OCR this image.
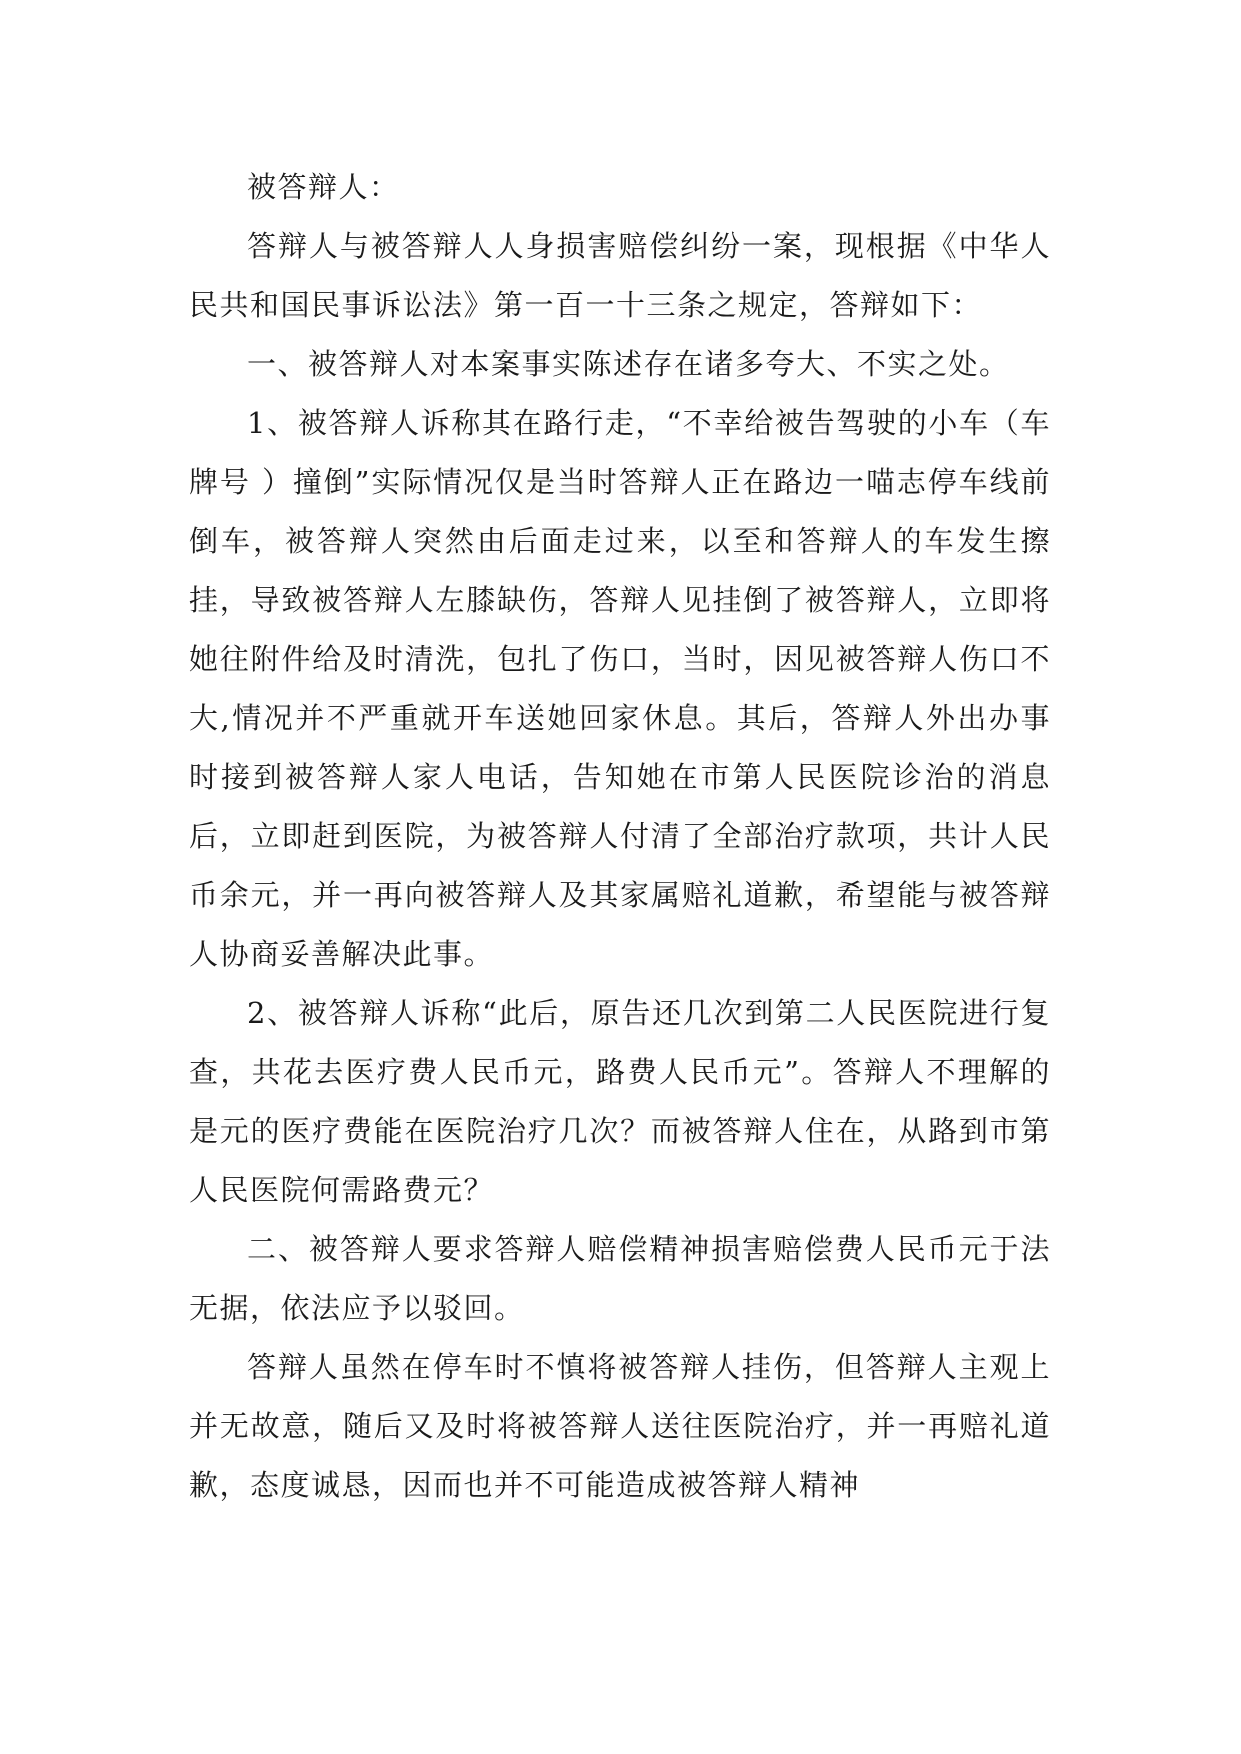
被答辩人：

答辩人与被答辩人人身损害赔偿纠纷一案，现根据《中华人民共和国民事诉讼法》第一百一十三条之规定，答辩如下：

一、被答辩人对本案事实陈述存在诸多夸大、不实之处。

1、被答辩人诉称其在路行走，“不幸给被告驾驶的小车（车牌号 ）撞倒”实际情况仅是当时答辩人正在路边一喵志停车线前倒车，被答辩人突然由后面走过来，以至和答辩人的车发生擦挂，导致被答辩人左膝缺伤，答辩人见挂倒了被答辩人，立即将她往附件给及时清洗，包扎了伤口，当时，因见被答辩人伤口不大,情况并不严重就开车送她回家休息。其后，答辩人外出办事时接到被答辩人家人电话，告知她在市第人民医院诊治的消息后，立即赶到医院，为被答辩人付清了全部治疗款项，共计人民币余元，并一再向被答辩人及其家属赔礼道歉，希望能与被答辩人协商妥善解决此事。

2、被答辩人诉称“此后，原告还几次到第二人民医院进行复查，共花去医疗费人民币元，路费人民币元”。答辩人不理解的是元的医疗费能在医院治疗几次？而被答辩人住在，从路到市第人民医院何需路费元？

二、被答辩人要求答辩人赔偿精神损害赔偿费人民币元于法无据，依法应予以驳回。

答辩人虽然在停车时不慎将被答辩人挂伤，但答辩人主观上并无故意，随后又及时将被答辩人送往医院治疗，并一再赔礼道歉，态度诚恳，因而也并不可能造成被答辩人精神
